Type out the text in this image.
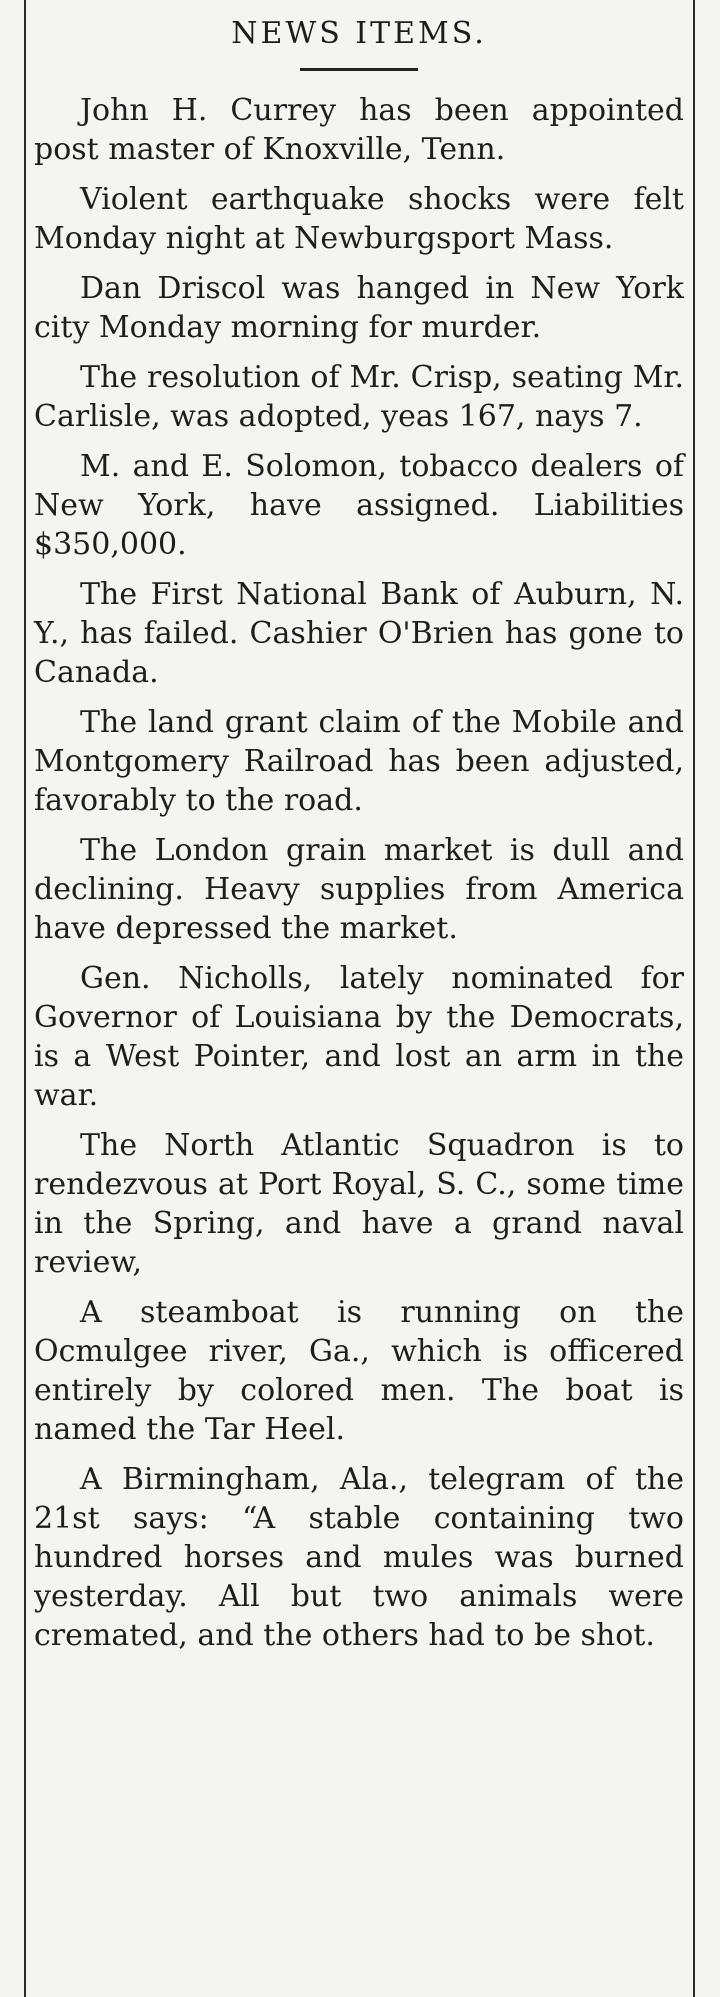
NEWS ITEMS.

John H. Currey has been appointed post master of Knoxville, Tenn.

Violent earthquake shocks were felt Monday night at Newburgsport Mass.

Dan Driscol was hanged in New York city Monday morning for murder.

The resolution of Mr. Crisp, seating Mr. Carlisle, was adopted, yeas 167, nays 7.

M. and E. Solomon, tobacco dealers of New York, have assigned. Liabilities $350,000.

The First National Bank of Auburn, N. Y., has failed. Cashier O'Brien has gone to Canada.

The land grant claim of the Mobile and Montgomery Railroad has been adjusted, favorably to the road.

The London grain market is dull and declining. Heavy supplies from America have depressed the market.

Gen. Nicholls, lately nominated for Governor of Louisiana by the Democrats, is a West Pointer, and lost an arm in the war.

The North Atlantic Squadron is to rendezvous at Port Royal, S. C., some time in the Spring, and have a grand naval review,

A steamboat is running on the Ocmulgee river, Ga., which is officered entirely by colored men. The boat is named the Tar Heel.

A Birmingham, Ala., telegram of the 21st says: “A stable containing two hundred horses and mules was burned yesterday. All but two animals were cremated, and the others had to be shot.
